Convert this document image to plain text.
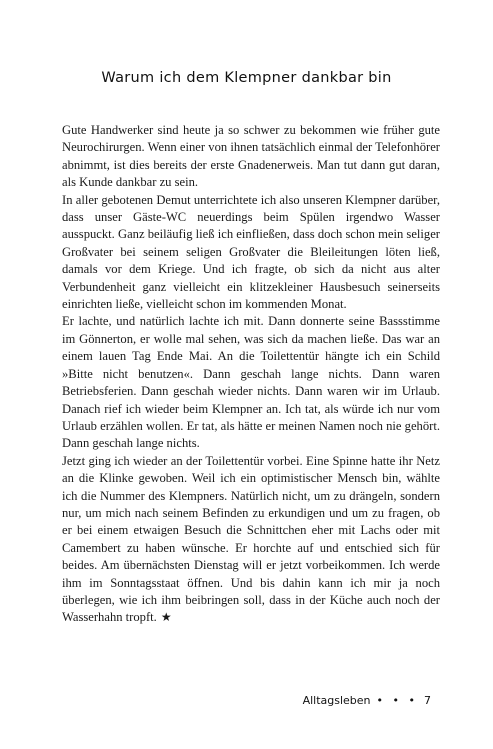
Warum ich dem Klempner dankbar bin

Gute Handwerker sind heute ja so schwer zu bekommen wie früher gute Neurochirurgen. Wenn einer von ihnen tatsächlich einmal der Telefonhörer abnimmt, ist dies bereits der erste Gnadenerweis. Man tut dann gut daran, als Kunde dankbar zu sein.

In aller gebotenen Demut unterrichtete ich also unseren Klempner darüber, dass unser Gäste-WC neuerdings beim Spülen irgendwo Wasser ausspuckt. Ganz beiläufig ließ ich einfließen, dass doch schon mein seliger Großvater bei seinem seligen Großvater die Bleileitungen löten ließ, damals vor dem Kriege. Und ich fragte, ob sich da nicht aus alter Verbundenheit ganz vielleicht ein klitzekleiner Hausbesuch seinerseits einrichten ließe, vielleicht schon im kommenden Monat.

Er lachte, und natürlich lachte ich mit. Dann donnerte seine Bassstimme im Gönnerton, er wolle mal sehen, was sich da machen ließe. Das war an einem lauen Tag Ende Mai. An die Toilettentür hängte ich ein Schild »Bitte nicht benutzen«. Dann geschah lange nichts. Dann waren Betriebsferien. Dann geschah wieder nichts. Dann waren wir im Urlaub. Danach rief ich wieder beim Klempner an. Ich tat, als würde ich nur vom Urlaub erzählen wollen. Er tat, als hätte er meinen Namen noch nie gehört. Dann geschah lange nichts.

Jetzt ging ich wieder an der Toilettentür vorbei. Eine Spinne hatte ihr Netz an die Klinke gewoben. Weil ich ein optimistischer Mensch bin, wählte ich die Nummer des Klempners. Natürlich nicht, um zu drängeln, sondern nur, um mich nach seinem Befinden zu erkundigen und um zu fragen, ob er bei einem etwaigen Besuch die Schnittchen eher mit Lachs oder mit Camembert zu haben wünsche. Er horchte auf und entschied sich für beides. Am übernächsten Dienstag will er jetzt vorbeikommen. Ich werde ihm im Sonntagsstaat öffnen. Und bis dahin kann ich mir ja noch überlegen, wie ich ihm beibringen soll, dass in der Küche auch noch der Wasserhahn tropft. ★

Alltagsleben • • • 7
